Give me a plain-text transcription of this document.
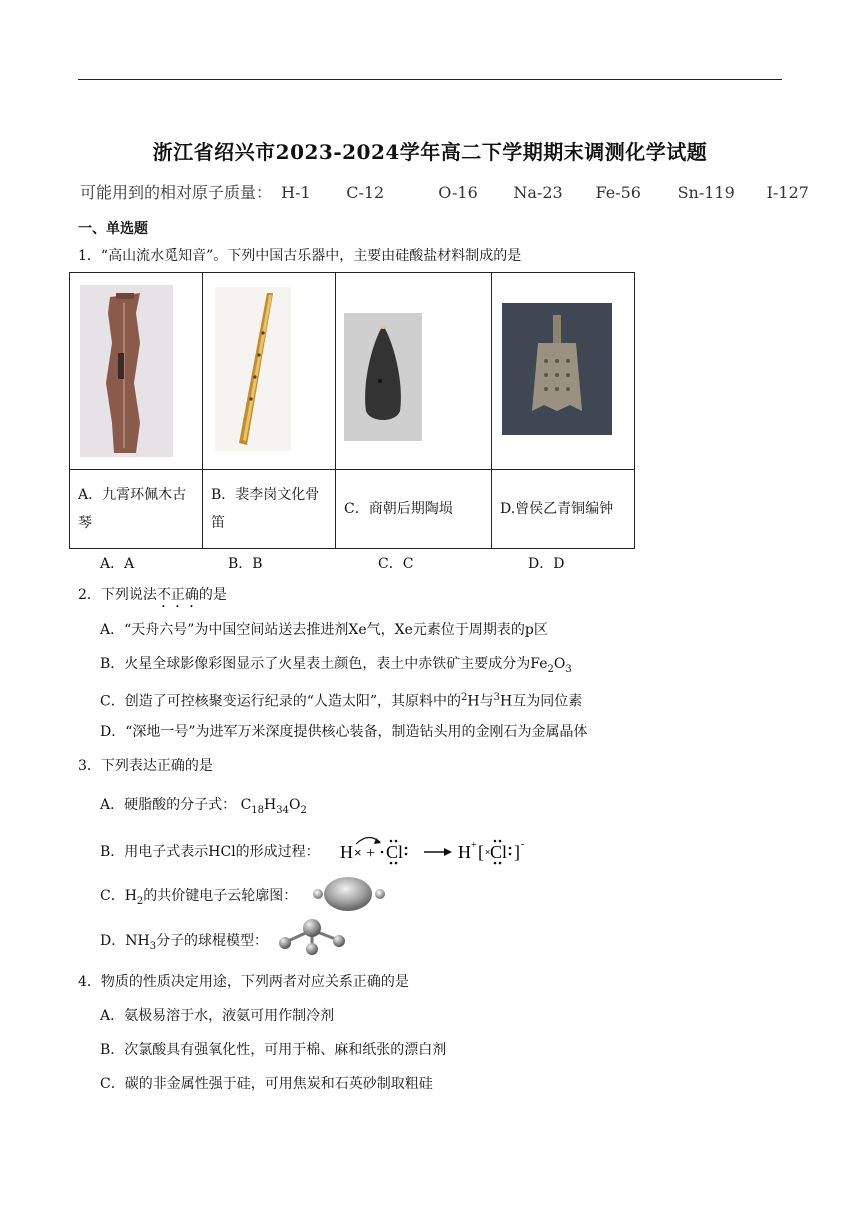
浙江省绍兴市2023-2024学年高二下学期期末调测化学试题
可能用到的相对原子质量： H-1 C-12	O-16 Na-23 Fe-56 Sn-119 I-127
一、单选题
1．“高山流水觅知音”。下列中国古乐器中，主要由硅酸盐材料制成的是

A．九霄环佩木古琴	B．裴李岗文化骨笛	C．商朝后期陶埙	D.曾侯乙青铜编钟
A．A	B．B	C．C	D．D
2．下列说法不正确的是
A．“天舟六号”为中国空间站送去推进剂Xe气，Xe元素位于周期表的p区
B．火星全球影像彩图显示了火星表土颜色，表土中赤铁矿主要成分为$Fe_2O_3$
C．创造了可控核聚变运行纪录的“人造太阳”，其原料中的$^2$H与$^3$H互为同位素
D．“深地一号”为进军万米深度提供核心装备，制造钻头用的金刚石为金属晶体
3．下列表达正确的是
A．硬脂酸的分子式： $C_{18}H_{34}O_2$
B．用电子式表示HCl的形成过程： H × + Cl	H + [ Cl
× ] -
C．$H_2$的共价键电子云轮廓图：
D．$NH_3$分子的球棍模型：
4．物质的性质决定用途，下列两者对应关系正确的是
A．氨极易溶于水，液氨可用作制冷剂
B．次氯酸具有强氧化性，可用于棉、麻和纸张的漂白剂
C．碳的非金属性强于硅，可用焦炭和石英砂制取粗硅
